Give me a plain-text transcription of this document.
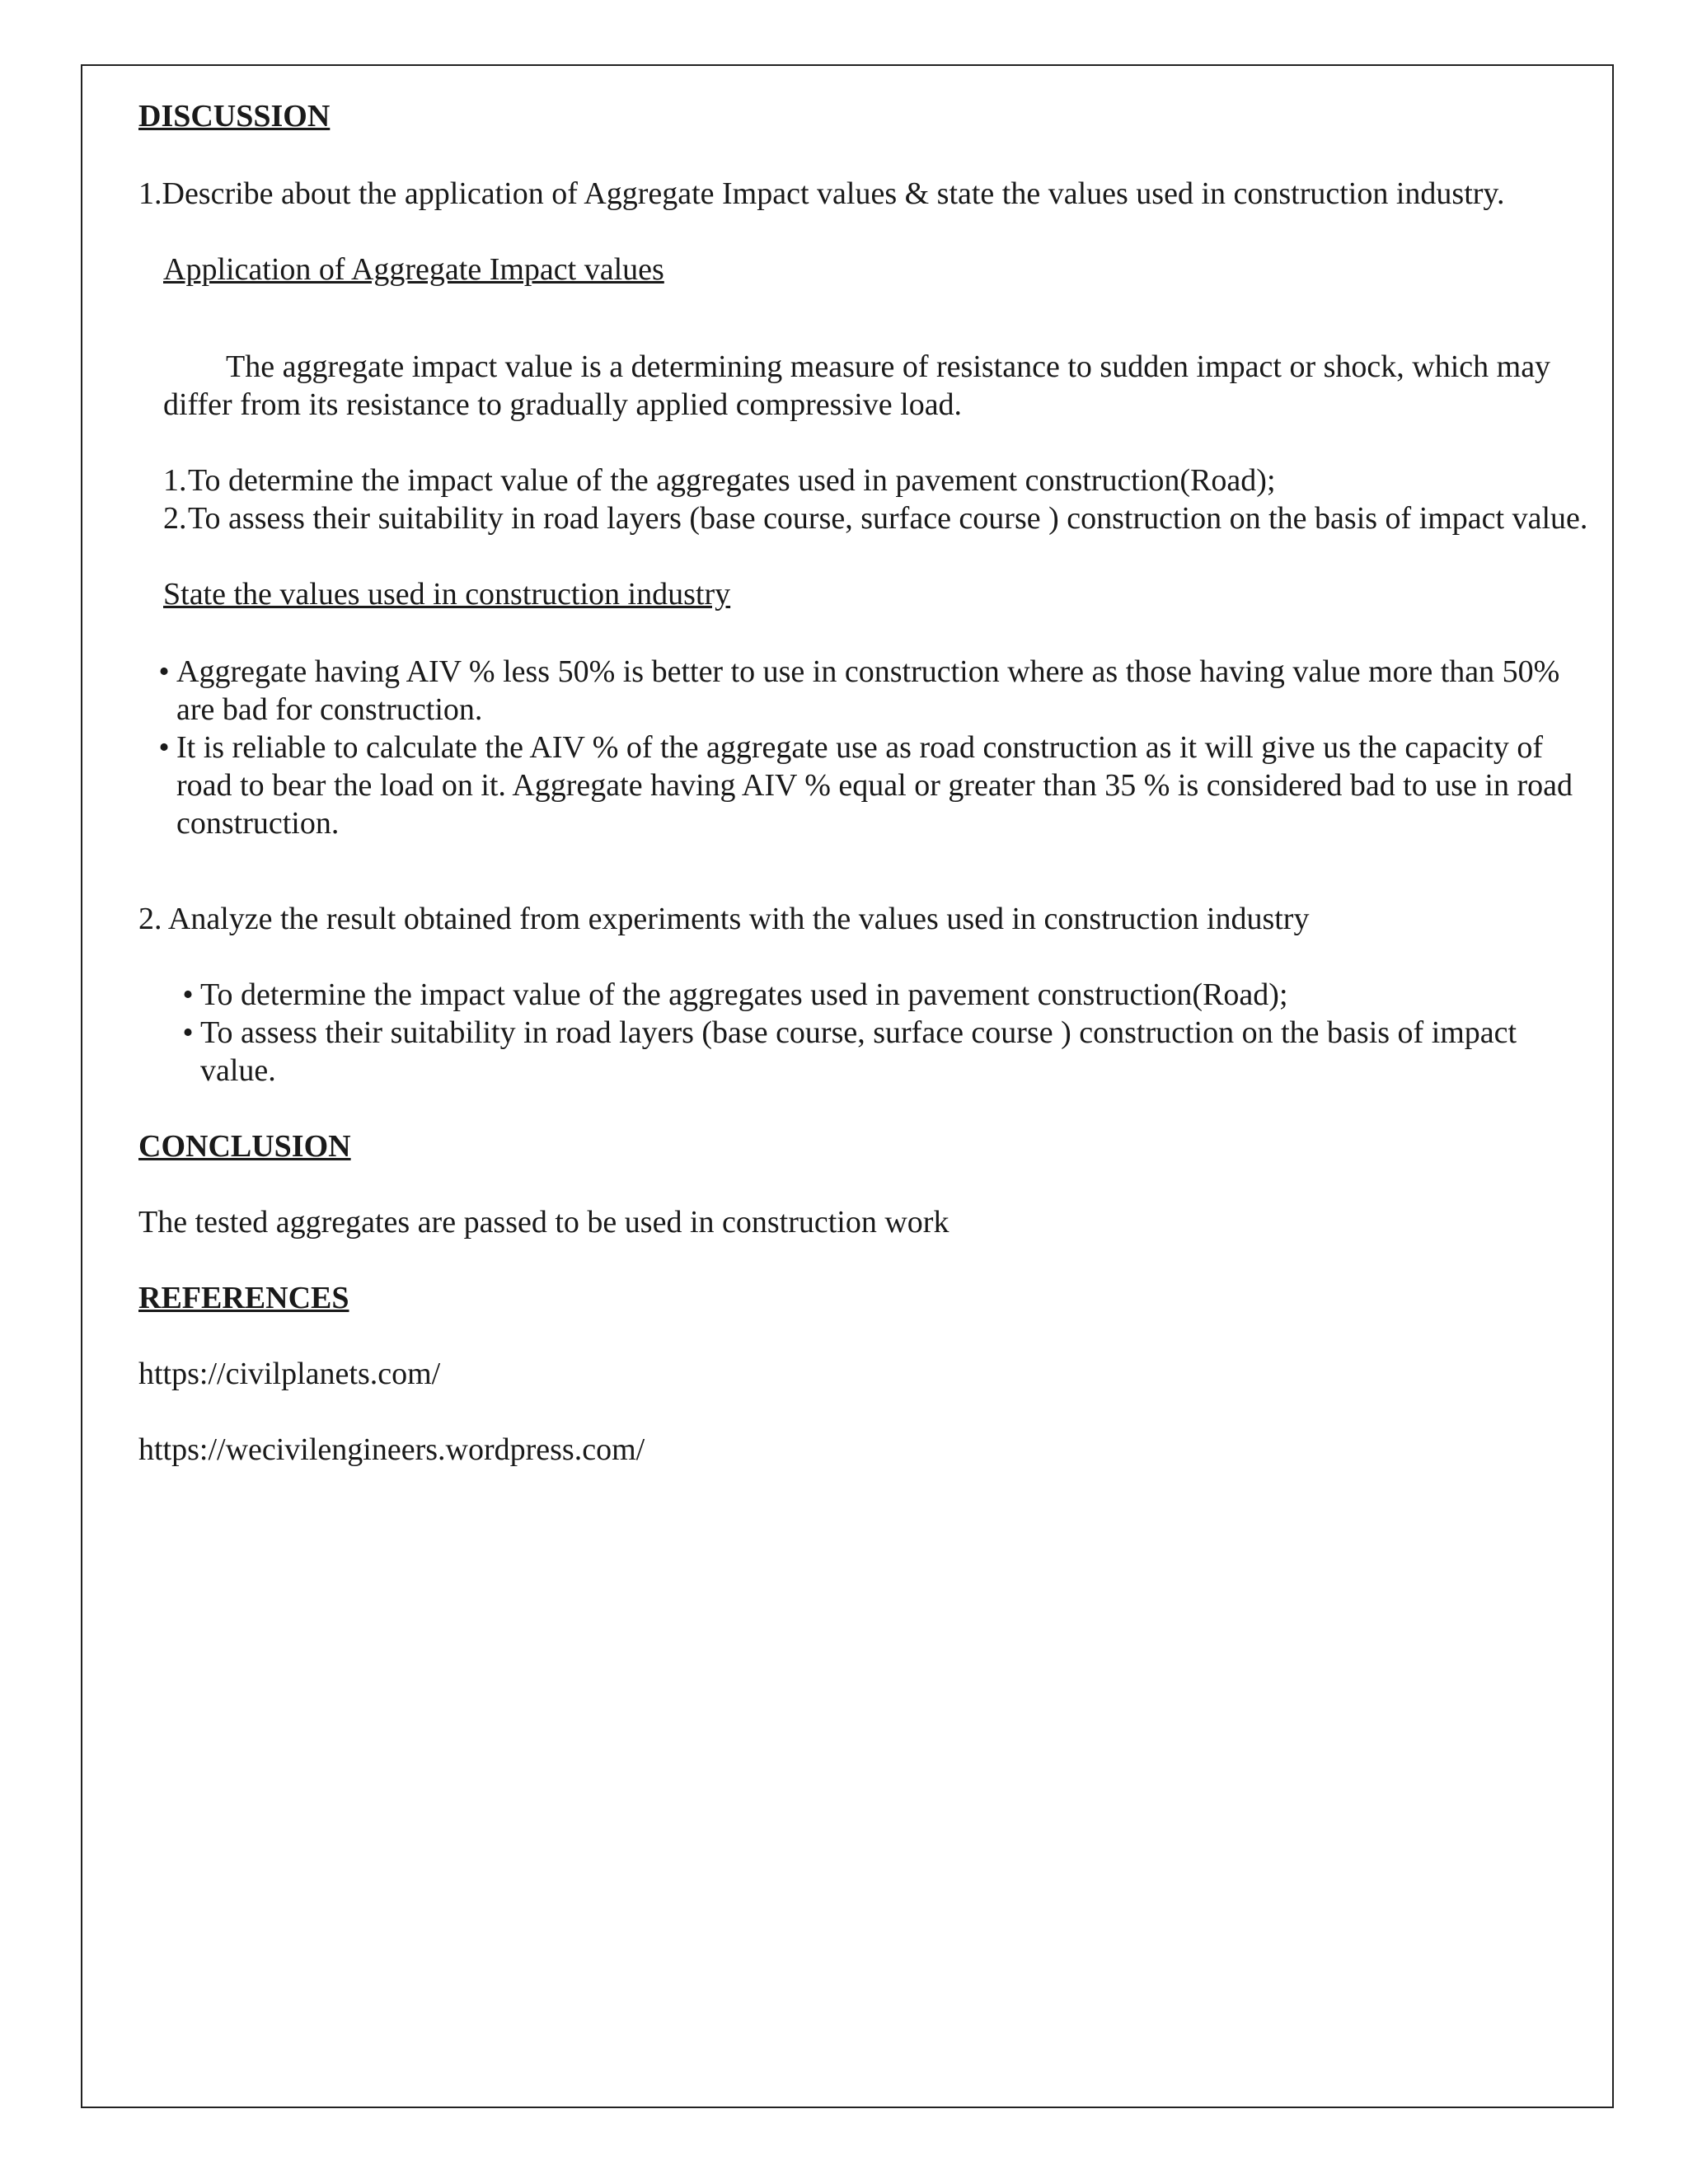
DISCUSSION

1.Describe about the application of Aggregate Impact values & state the values used in construction industry.

Application of Aggregate Impact values

The aggregate impact value is a determining measure of resistance to sudden impact or shock, which may differ from its resistance to gradually applied compressive load.

1. To determine the impact value of the aggregates used in pavement construction(Road);
2. To assess their suitability in road layers (base course, surface course ) construction on the basis of impact value.

State the values used in construction industry

• Aggregate having AIV % less 50% is better to use in construction where as those having value more than 50% are bad for construction.
• It is reliable to calculate the AIV % of the aggregate use as road construction as it will give us the capacity of road to bear the load on it. Aggregate having AIV % equal or greater than 35 % is considered bad to use in road construction.

2. Analyze the result obtained from experiments with the values used in construction industry

• To determine the impact value of the aggregates used in pavement construction(Road);
• To assess their suitability in road layers (base course, surface course ) construction on the basis of impact value.

CONCLUSION

The tested aggregates are passed to be used in construction work

REFERENCES

https://civilplanets.com/

https://wecivilengineers.wordpress.com/
